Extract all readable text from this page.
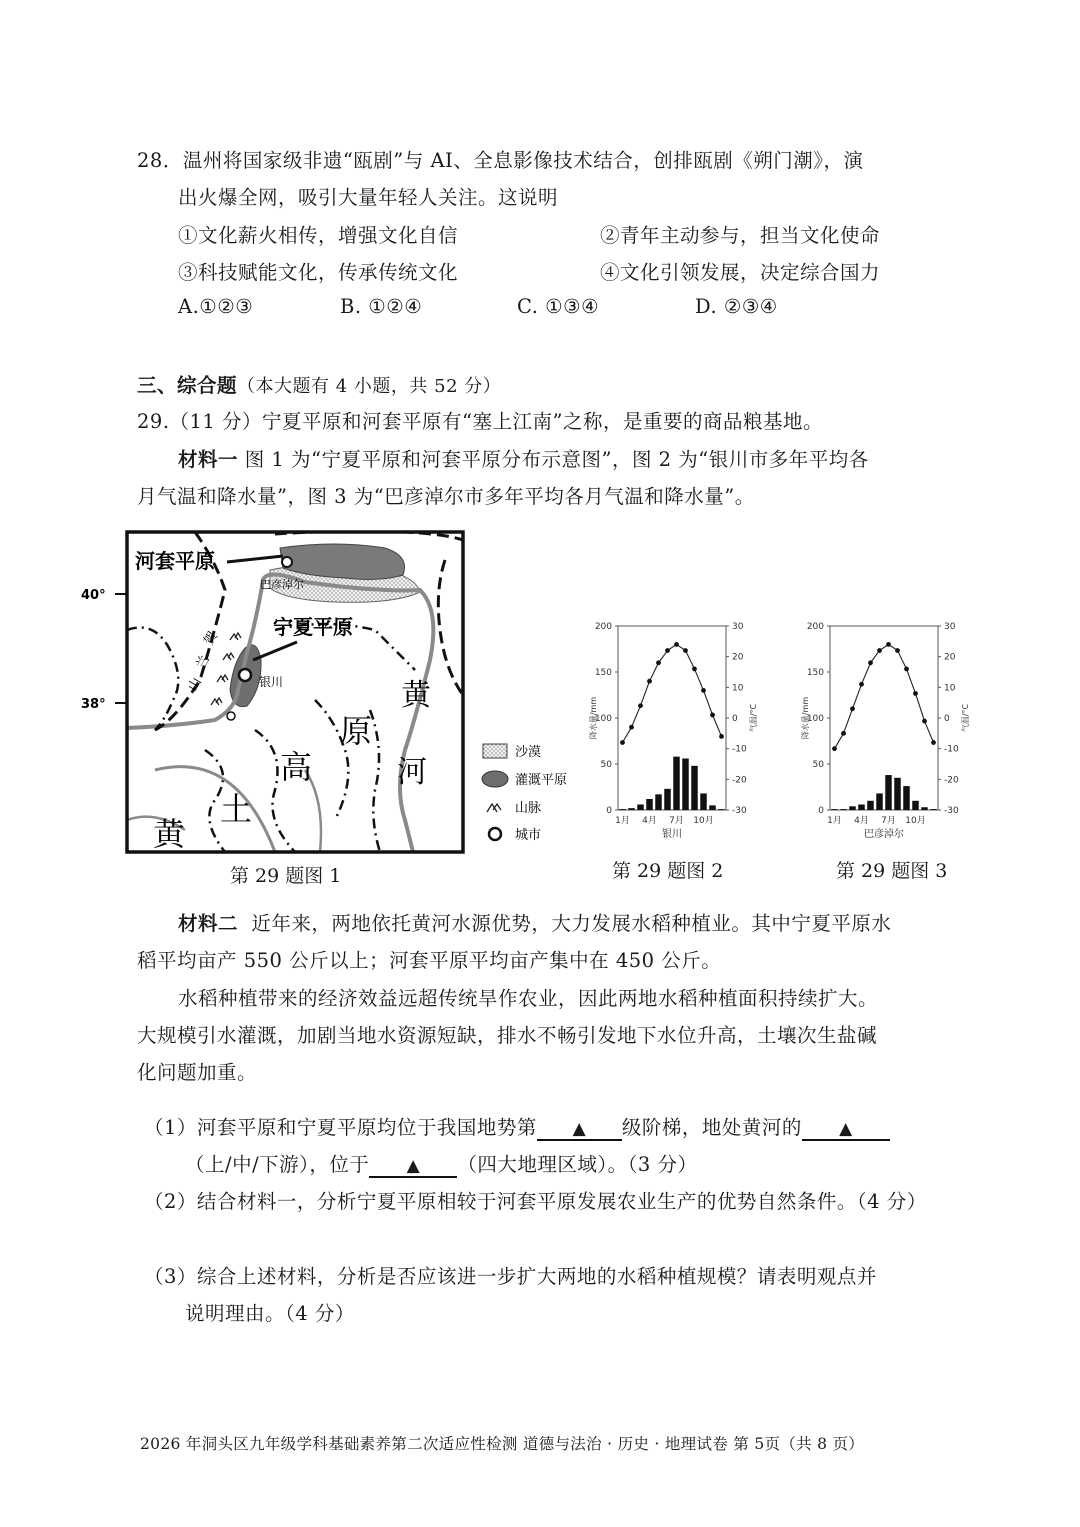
28．温州将国家级非遗“瓯剧”与 AI、全息影像技术结合，创排瓯剧《朔门潮》，演
出火爆全网，吸引大量年轻人关注。这说明
①文化薪火相传，增强文化自信	②青年主动参与，担当文化使命
③科技赋能文化，传承传统文化	④文化引领发展，决定综合国力
A.①②③	B. ①②④	C. ①③④	D. ②③④
三、综合题（本大题有 4 小题，共 52 分）
29.（11 分）宁夏平原和河套平原有“塞上江南”之称，是重要的商品粮基地。
材料一 图 1 为“宁夏平原和河套平原分布示意图”，图 2 为“银川市多年平均各
月气温和降水量”，图 3 为“巴彦淖尔市多年平均各月气温和降水量”。
40°
38°
贺
兰
山
河套平原
巴彦淖尔
宁夏平原
银川
黄
土
高
原
黄
河
沙漠
灌溉平原
山脉
城市
第 29 题图 1
200
150
100
50
0
30
20
10
0
-10
-20
-30
降水量/mm	气温/°C
1月 4月 7月 10月
银川
200
150
100
50
0
30
20
10
0
-10
-20
-30
降水量/mm	气温/°C
1月 4月 7月 10月
巴彦淖尔
第 29 题图 2	第 29 题图 3
材料二 近年来，两地依托黄河水源优势，大力发展水稻种植业。其中宁夏平原水
稻平均亩产 550 公斤以上；河套平原平均亩产集中在 450 公斤。
水稻种植带来的经济效益远超传统旱作农业，因此两地水稻种植面积持续扩大。
大规模引水灌溉，加剧当地水资源短缺，排水不畅引发地下水位升高，土壤次生盐碱
化问题加重。
（1）河套平原和宁夏平原均位于我国地势第 ▲ 级阶梯，地处黄河的 ▲
（上/中/下游），位于 ▲ （四大地理区域）。（3 分）
（2）结合材料一，分析宁夏平原相较于河套平原发展农业生产的优势自然条件。（4 分）
（3）综合上述材料，分析是否应该进一步扩大两地的水稻种植规模？请表明观点并
说明理由。（4 分）
2026 年洞头区九年级学科基础素养第二次适应性检测 道德与法治 · 历史 · 地理试卷 第 5页（共 8 页）
